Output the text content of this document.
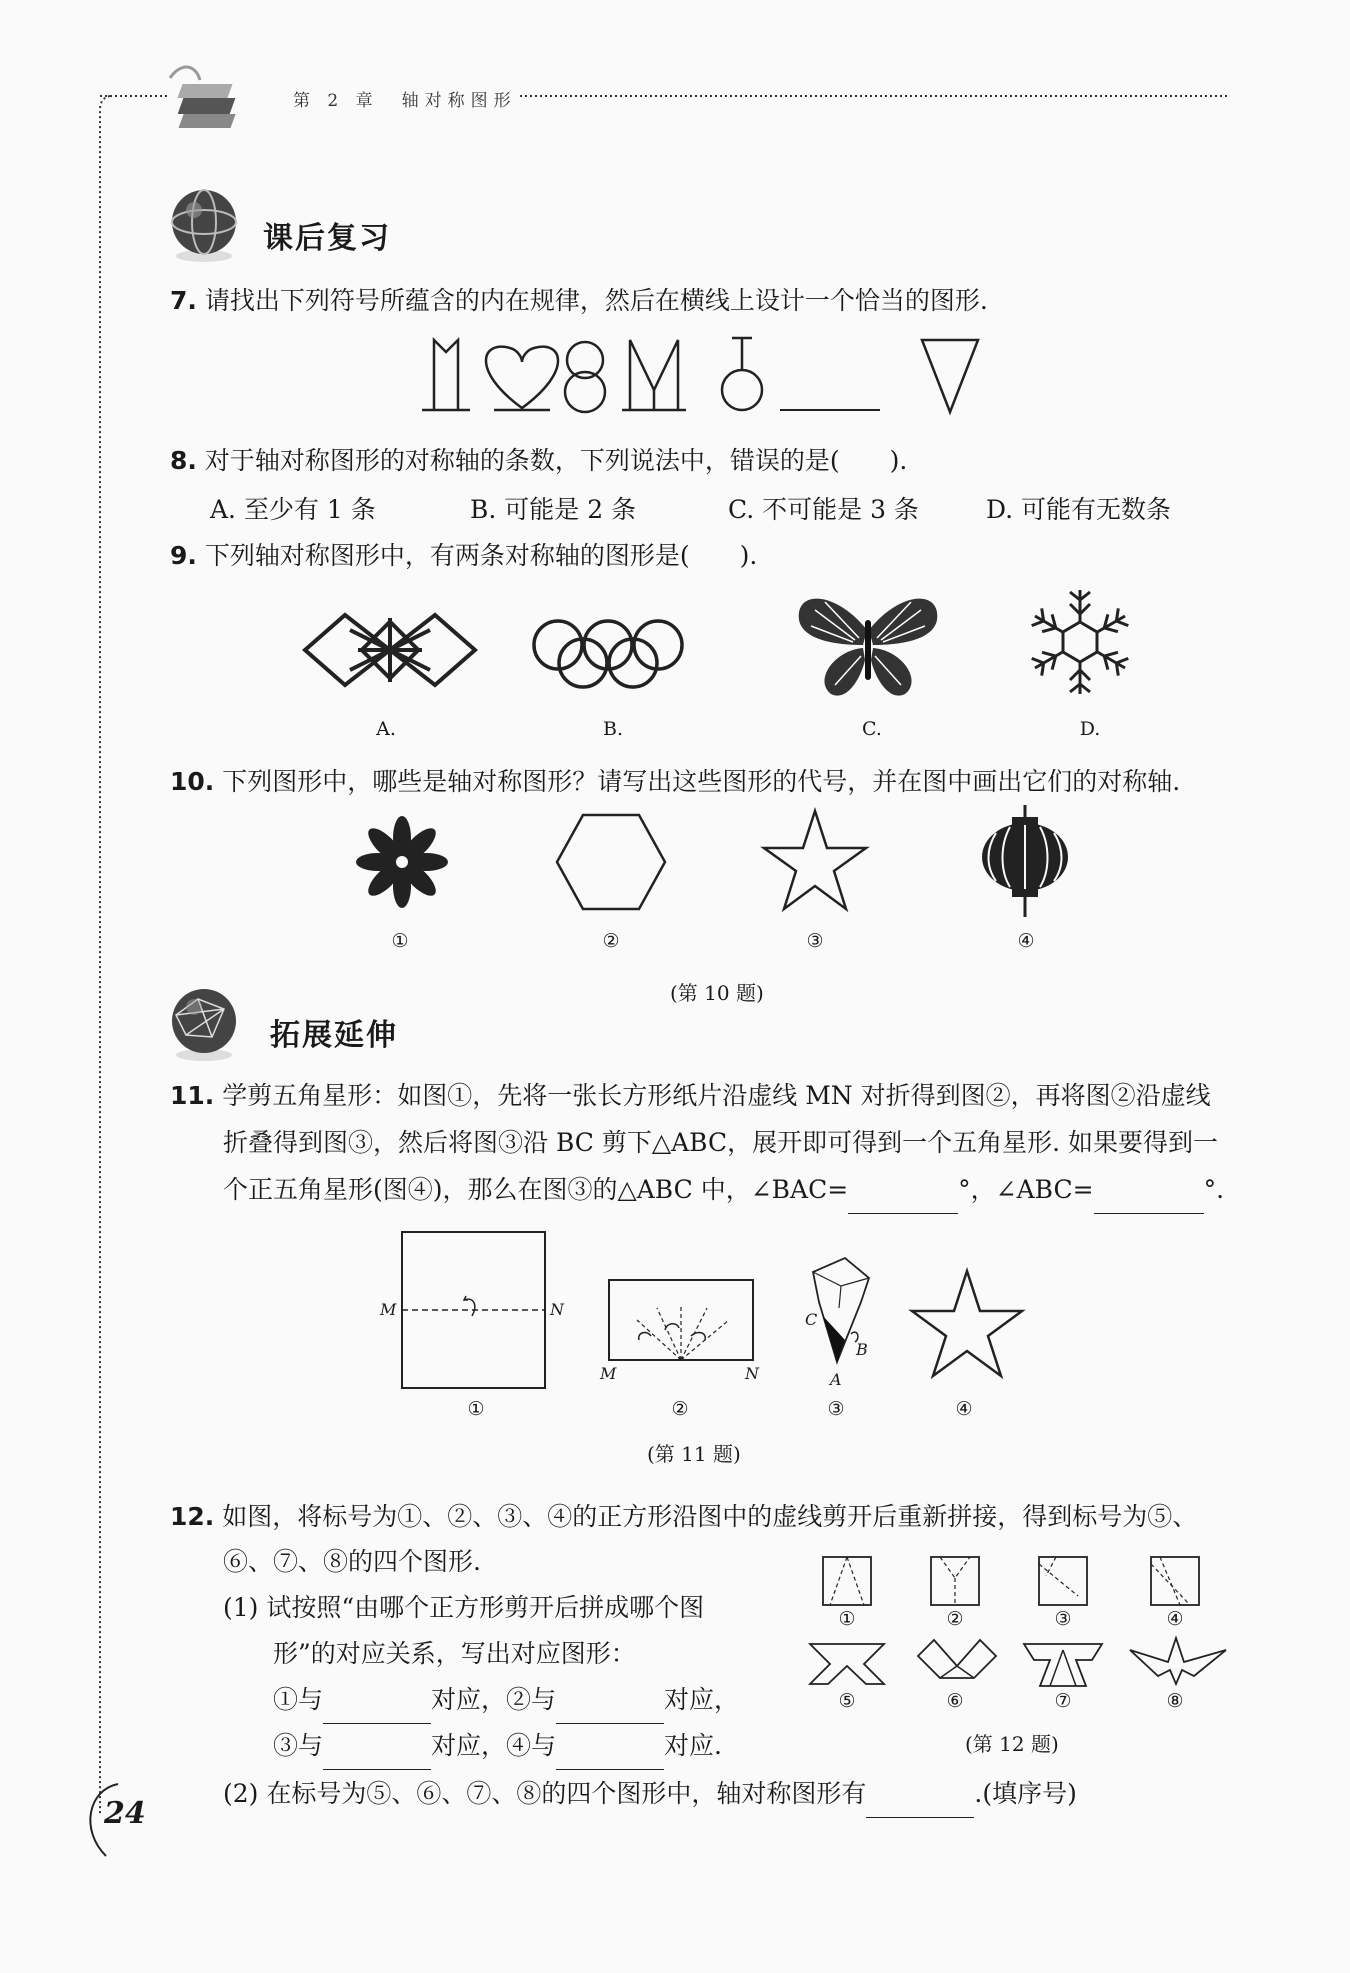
第 2 章　 轴对称图形
课后复习
7. 请找出下列符号所蕴含的内在规律，然后在横线上设计一个恰当的图形.
8. 对于轴对称图形的对称轴的条数，下列说法中，错误的是(　　).
A. 至少有 1 条	B. 可能是 2 条	C. 不可能是 3 条	D. 可能有无数条
9. 下列轴对称图形中，有两条对称轴的图形是(　　).
A.	B.	C.	D.
10. 下列图形中，哪些是轴对称图形？请写出这些图形的代号，并在图中画出它们的对称轴.
①	②	③	④
(第 10 题)
拓展延伸
11. 学剪五角星形：如图①，先将一张长方形纸片沿虚线 MN 对折得到图②，再将图②沿虚线
折叠得到图③，然后将图③沿 BC 剪下△ABC，展开即可得到一个五角星形. 如果要得到一
个正五角星形(图④)，那么在图③的△ABC 中，∠BAC=	°，∠ABC=	°.
M	N
M	N
C
B
A
①	②	③	④
(第 11 题)
12. 如图，将标号为①、②、③、④的正方形沿图中的虚线剪开后重新拼接，得到标号为⑤、
⑥、⑦、⑧的四个图形.
(1) 试按照“由哪个正方形剪开后拼成哪个图
形”的对应关系，写出对应图形：
①与	对应，②与	对应，
③与	对应，④与	对应.
(2) 在标号为⑤、⑥、⑦、⑧的四个图形中，轴对称图形有	.(填序号)
①	②	③	④
⑤	⑥	⑦	⑧
(第 12 题)
24
